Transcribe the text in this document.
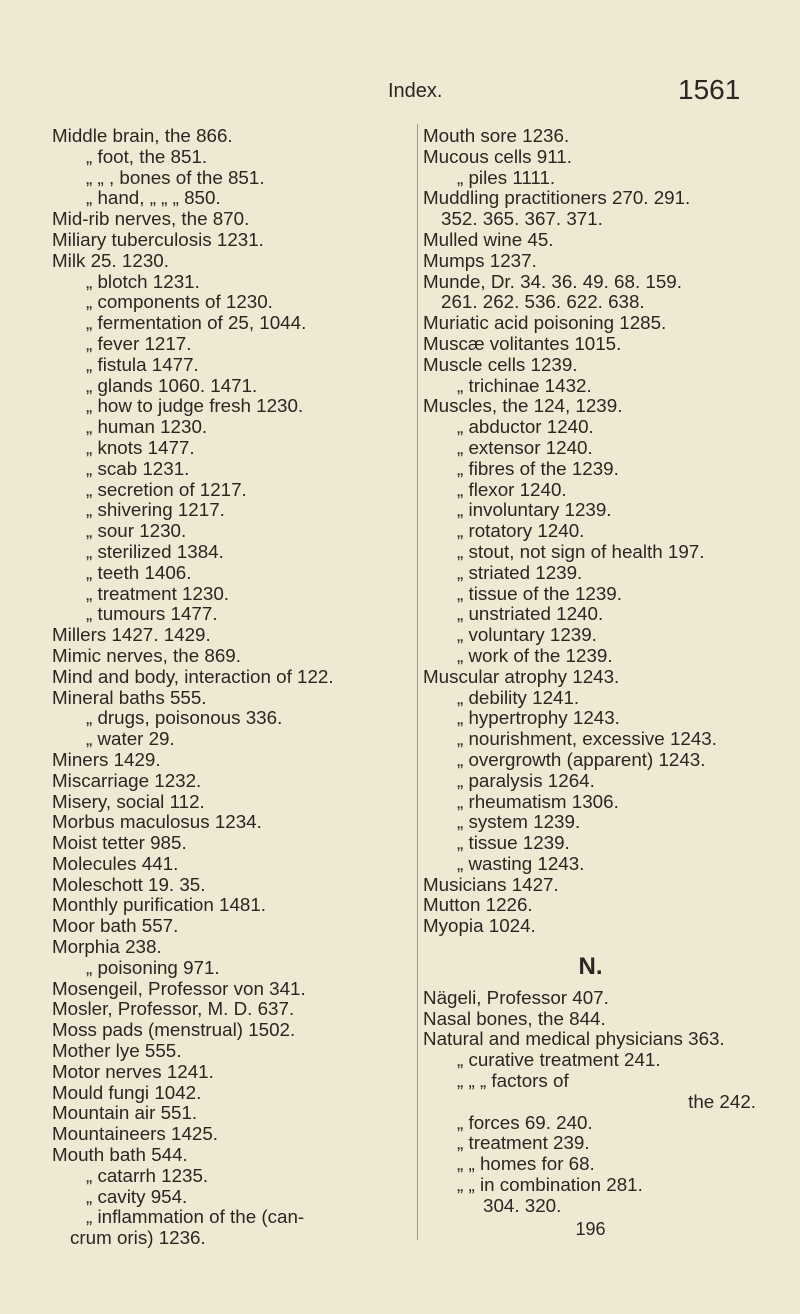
Index.	1561
Middle brain, the 866.
„ foot, the 851.
„ „ , bones of the 851.
„ hand, „ „ „ 850.
Mid-rib nerves, the 870.
Miliary tuberculosis 1231.
Milk 25. 1230.
„ blotch 1231.
„ components of 1230.
„ fermentation of 25, 1044.
„ fever 1217.
„ fistula 1477.
„ glands 1060. 1471.
„ how to judge fresh 1230.
„ human 1230.
„ knots 1477.
„ scab 1231.
„ secretion of 1217.
„ shivering 1217.
„ sour 1230.
„ sterilized 1384.
„ teeth 1406.
„ treatment 1230.
„ tumours 1477.
Millers 1427. 1429.
Mimic nerves, the 869.
Mind and body, interaction of 122.
Mineral baths 555.
„ drugs, poisonous 336.
„ water 29.
Miners 1429.
Miscarriage 1232.
Misery, social 112.
Morbus maculosus 1234.
Moist tetter 985.
Molecules 441.
Moleschott 19. 35.
Monthly purification 1481.
Moor bath 557.
Morphia 238.
„ poisoning 971.
Mosengeil, Professor von 341.
Mosler, Professor, M. D. 637.
Moss pads (menstrual) 1502.
Mother lye 555.
Motor nerves 1241.
Mould fungi 1042.
Mountain air 551.
Mountaineers 1425.
Mouth bath 544.
„ catarrh 1235.
„ cavity 954.
„ inflammation of the (can-
crum oris) 1236.
Mouth sore 1236.
Mucous cells 911.
„ piles 1111.
Muddling practitioners 270. 291.
352. 365. 367. 371.
Mulled wine 45.
Mumps 1237.
Munde, Dr. 34. 36. 49. 68. 159.
261. 262. 536. 622. 638.
Muriatic acid poisoning 1285.
Muscæ volitantes 1015.
Muscle cells 1239.
„ trichinae 1432.
Muscles, the 124, 1239.
„ abductor 1240.
„ extensor 1240.
„ fibres of the 1239.
„ flexor 1240.
„ involuntary 1239.
„ rotatory 1240.
„ stout, not sign of health 197.
„ striated 1239.
„ tissue of the 1239.
„ unstriated 1240.
„ voluntary 1239.
„ work of the 1239.
Muscular atrophy 1243.
„ debility 1241.
„ hypertrophy 1243.
„ nourishment, excessive 1243.
„ overgrowth (apparent) 1243.
„ paralysis 1264.
„ rheumatism 1306.
„ system 1239.
„ tissue 1239.
„ wasting 1243.
Musicians 1427.
Mutton 1226.
Myopia 1024.
N.
Nägeli, Professor 407.
Nasal bones, the 844.
Natural and medical physicians 363.
„ curative treatment 241.
„ „ „ factors of
the 242.
„ forces 69. 240.
„ treatment 239.
„ „ homes for 68.
„ „ in combination 281.
304. 320.
196
